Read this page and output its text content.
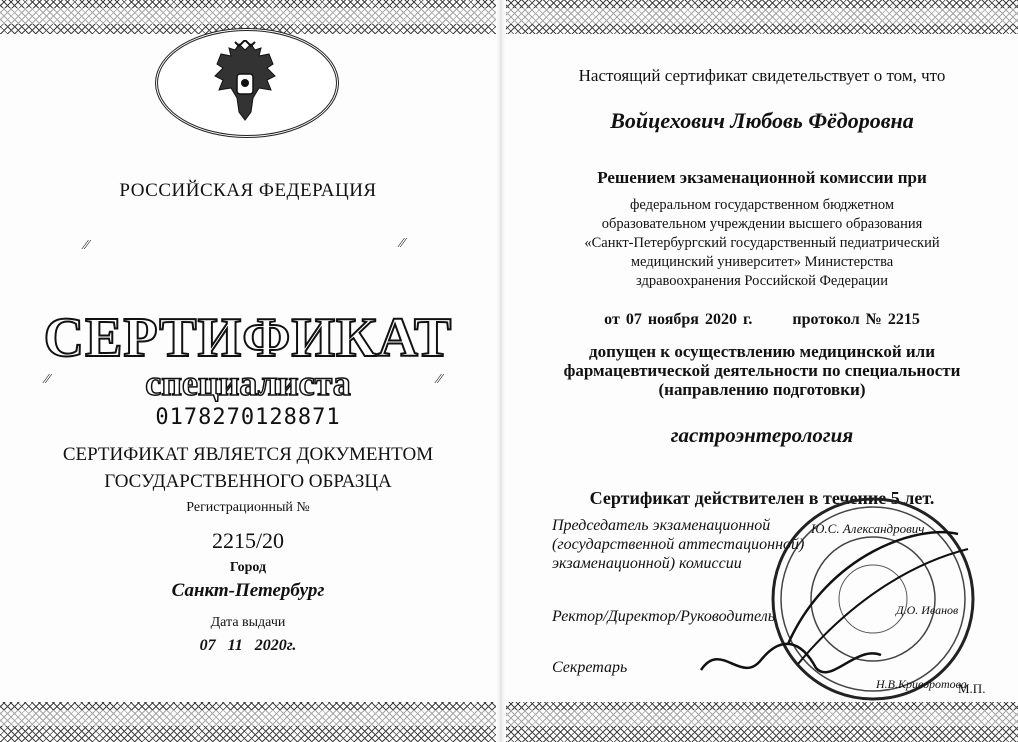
РОССИЙСКАЯ ФЕДЕРАЦИЯ
⁄⁄	⁄⁄
⁄⁄	⁄⁄
СЕРТИФИКАТ
специалиста
0178270128871
СЕРТИФИКАТ ЯВЛЯЕТСЯ ДОКУМЕНТОМ
ГОСУДАРСТВЕННОГО ОБРАЗЦА
Регистрационный №
2215/20
Город
Санкт-Петербург
Дата выдачи
07 11 2020г.
Настоящий сертификат свидетельствует о том, что
Войцехович Любовь Фёдоровна
Решением экзаменационной комиссии при
федеральном государственном бюджетном
образовательном учреждении высшего образования
«Санкт-Петербургский государственный педиатрический
медицинский университет» Министерства
здравоохранения Российской Федерации
от 07 ноября 2020 г.	протокол № 2215
допущен к осуществлению медицинской или
фармацевтической деятельности по специальности
(направлению подготовки)
гастроэнтерология
Сертификат действителен в течение 5 лет.
Председатель экзаменационной
(государственной аттестационной)
экзаменационной) комиссии
Ю.С. Александрович
Ректор/Директор/Руководитель	Д.О. Иванов
Секретарь
Н.В.Криворотова
М.П.
